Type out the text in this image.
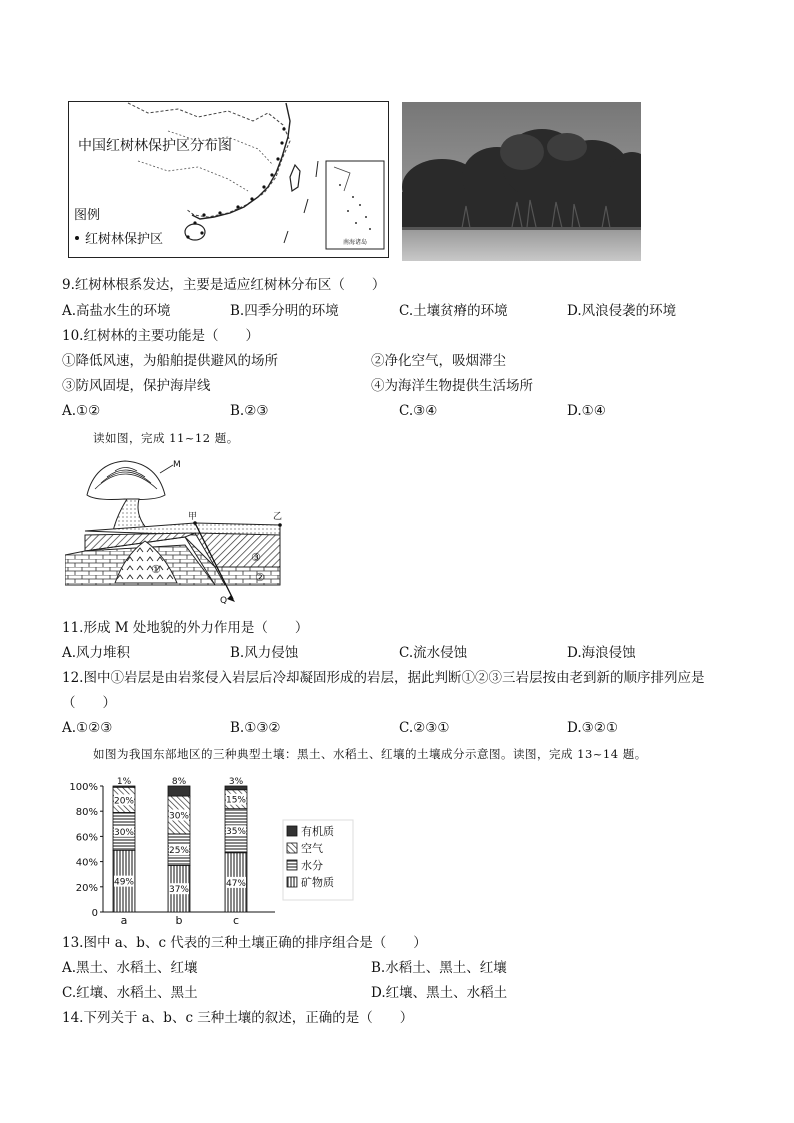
南海诸岛
中国红树林保护区分布图
图例
红树林保护区
9.红树林根系发达，主要是适应红树林分布区（　　）
A.高盐水生的环境	B.四季分明的环境	C.土壤贫瘠的环境	D.风浪侵袭的环境
10.红树林的主要功能是（　　）
①降低风速，为船舶提供避风的场所	②净化空气，吸烟滞尘
③防风固堤，保护海岸线	④为海洋生物提供生活场所
A.①②	B.②③	C.③④	D.①④
读如图，完成 11~12 题。
M
甲	乙
Q
①
②
③
11.形成 M 处地貌的外力作用是（　　）
A.风力堆积	B.风力侵蚀	C.流水侵蚀	D.海浪侵蚀
12.图中①岩层是由岩浆侵入岩层后冷却凝固形成的岩层，据此判断①②③三岩层按由老到新的顺序排列应是
（　　）
A.①②③	B.①③②	C.②③①	D.③②①
如图为我国东部地区的三种典型土壤：黑土、水稻土、红壤的土壤成分示意图。读图，完成 13~14 题。
0
20%
40%
60%
80%
100%
a	b	c
49%
30%
20%
1%
37%
25%
30%
8%
47%
35%
15%
3%
有机质
空气
水分
矿物质
13.图中 a、b、c 代表的三种土壤正确的排序组合是（　　）
A.黑土、水稻土、红壤	B.水稻土、黑土、红壤
C.红壤、水稻土、黑土	D.红壤、黑土、水稻土
14.下列关于 a、b、c 三种土壤的叙述，正确的是（　　）
